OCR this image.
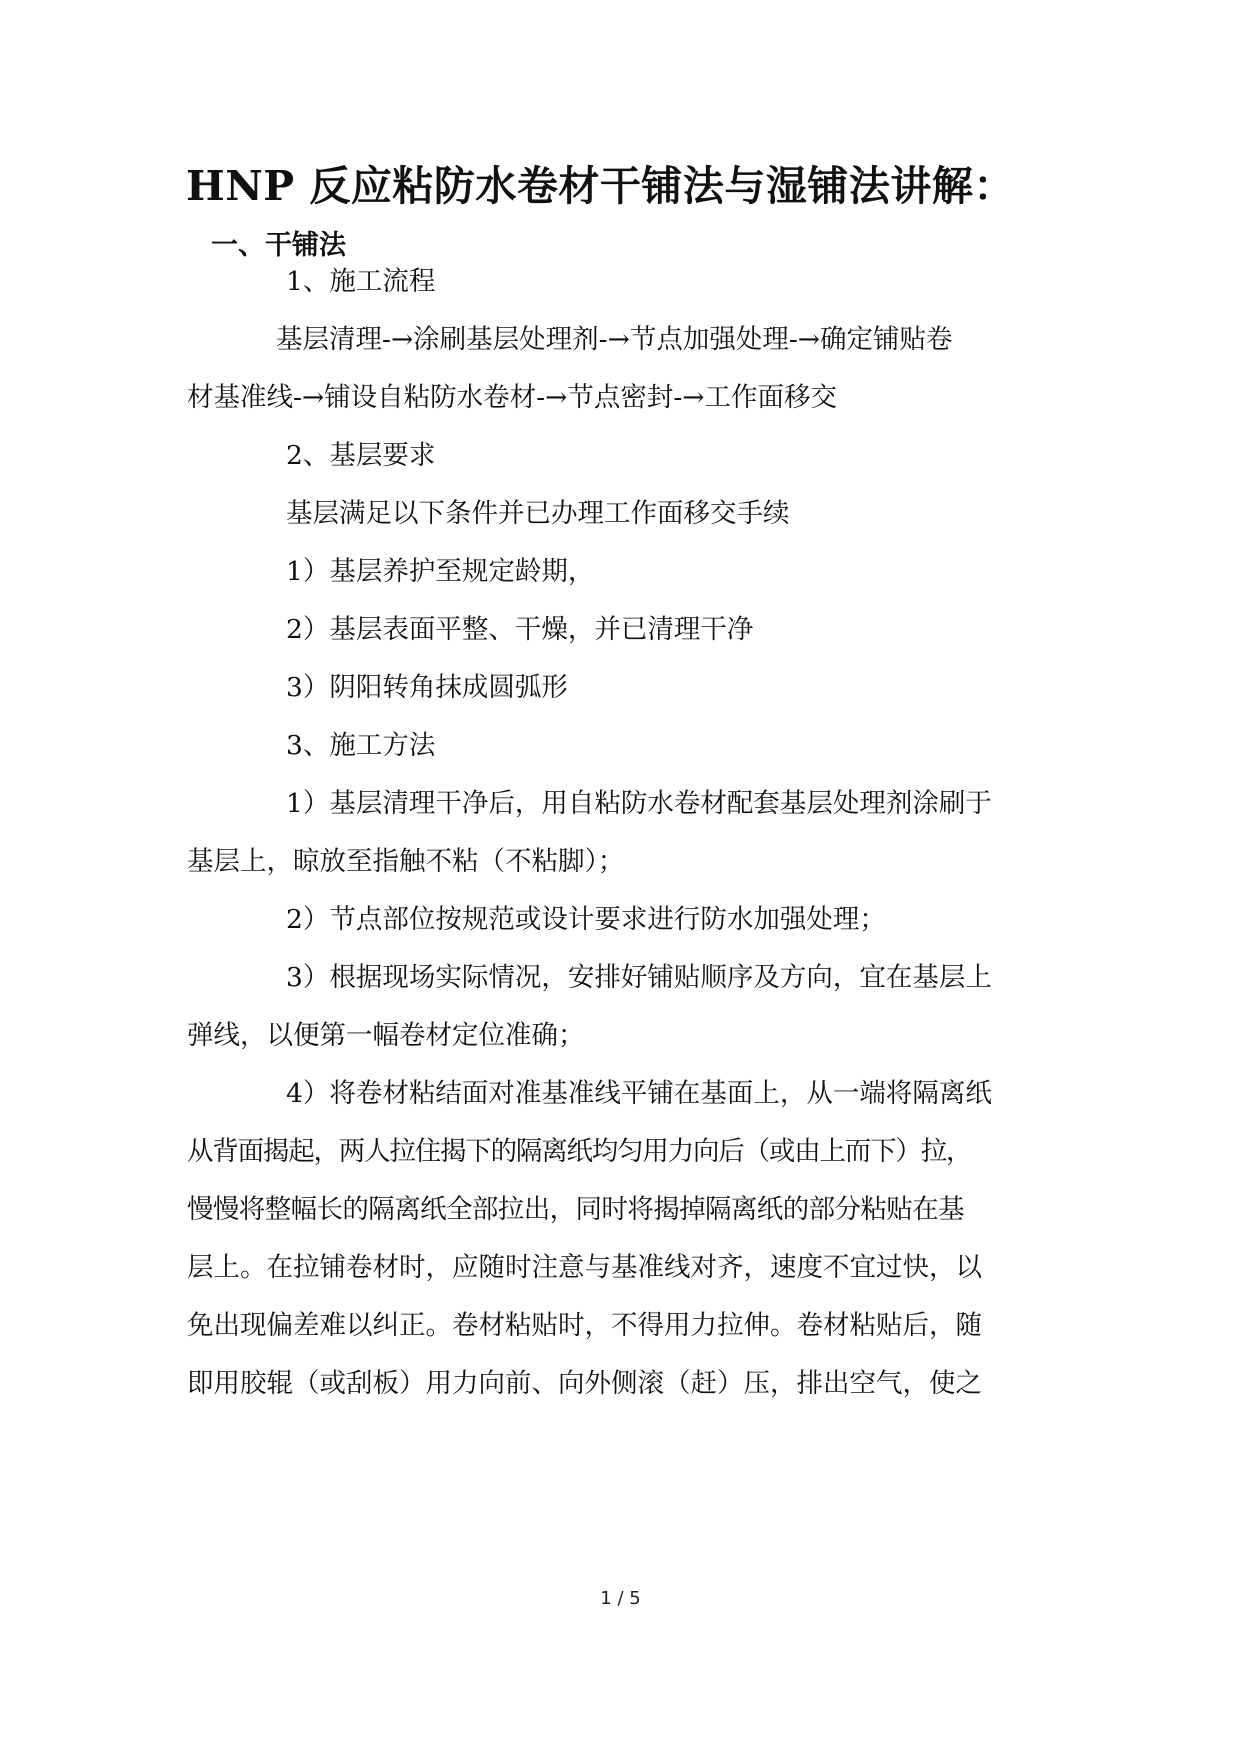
HNP 反应粘防水卷材干铺法与湿铺法讲解：
一、干铺法

1、施工流程

基层清理-→涂刷基层处理剂-→节点加强处理-→确定铺贴卷

材基准线-→铺设自粘防水卷材-→节点密封-→工作面移交

2、基层要求

基层满足以下条件并已办理工作面移交手续

1）基层养护至规定龄期，

2）基层表面平整、干燥，并已清理干净

3）阴阳转角抹成圆弧形

3、施工方法

1）基层清理干净后，用自粘防水卷材配套基层处理剂涂刷于

基层上，晾放至指触不粘（不粘脚）；

2）节点部位按规范或设计要求进行防水加强处理；

3）根据现场实际情况，安排好铺贴顺序及方向，宜在基层上

弹线，以便第一幅卷材定位准确；

4）将卷材粘结面对准基准线平铺在基面上，从一端将隔离纸

从背面揭起，两人拉住揭下的隔离纸均匀用力向后（或由上而下）拉，

慢慢将整幅长的隔离纸全部拉出，同时将揭掉隔离纸的部分粘贴在基

层上。在拉铺卷材时，应随时注意与基准线对齐，速度不宜过快，以

免出现偏差难以纠正。卷材粘贴时，不得用力拉伸。卷材粘贴后，随

即用胶辊（或刮板）用力向前、向外侧滚（赶）压，排出空气，使之

1 / 5
